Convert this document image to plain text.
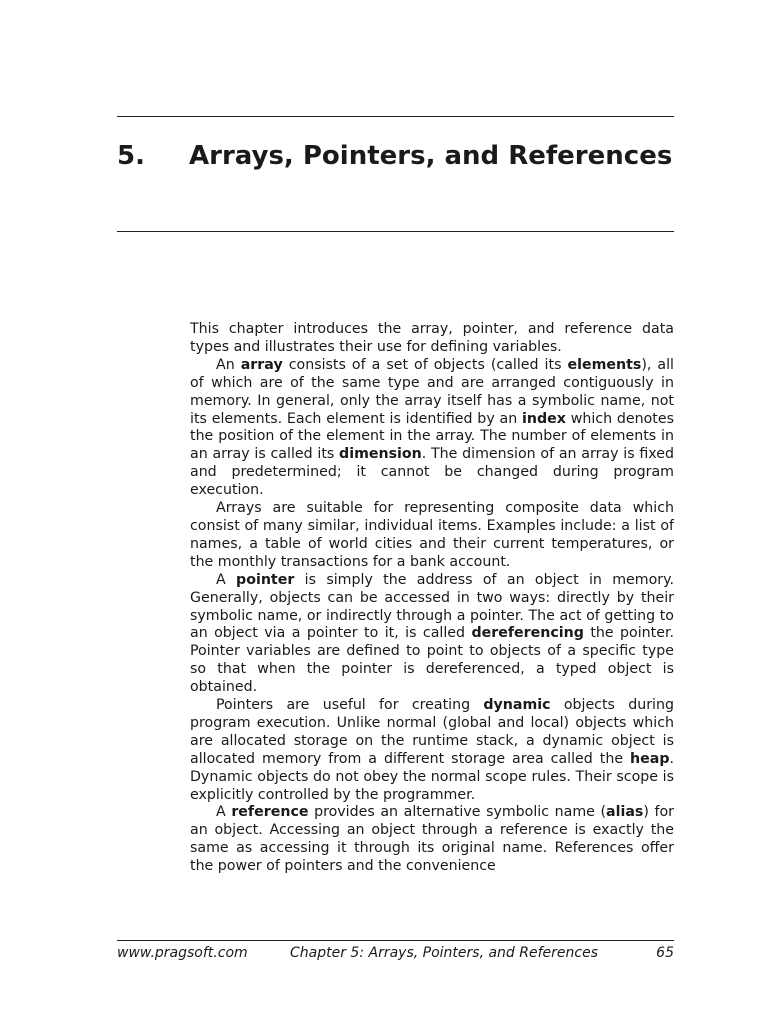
5. Arrays, Pointers, and References

This chapter introduces the array, pointer, and reference data types and illustrates their use for defining variables.

An array consists of a set of objects (called its elements), all of which are of the same type and are arranged contiguously in memory. In general, only the array itself has a symbolic name, not its elements. Each element is identified by an index which denotes the position of the element in the array. The number of elements in an array is called its dimension. The dimension of an array is fixed and predetermined; it cannot be changed during program execution.

Arrays are suitable for representing composite data which consist of many similar, individual items. Examples include: a list of names, a table of world cities and their current temperatures, or the monthly transactions for a bank account.

A pointer is simply the address of an object in memory. Generally, objects can be accessed in two ways: directly by their symbolic name, or indirectly through a pointer. The act of getting to an object via a pointer to it, is called dereferencing the pointer. Pointer variables are defined to point to objects of a specific type so that when the pointer is dereferenced, a typed object is obtained.

Pointers are useful for creating dynamic objects during program execution. Unlike normal (global and local) objects which are allocated storage on the runtime stack, a dynamic object is allocated memory from a different storage area called the heap. Dynamic objects do not obey the normal scope rules. Their scope is explicitly controlled by the programmer.

A reference provides an alternative symbolic name (alias) for an object. Accessing an object through a reference is exactly the same as accessing it through its original name. References offer the power of pointers and the convenience

www.pragsoft.com	Chapter 5: Arrays, Pointers, and References	65
